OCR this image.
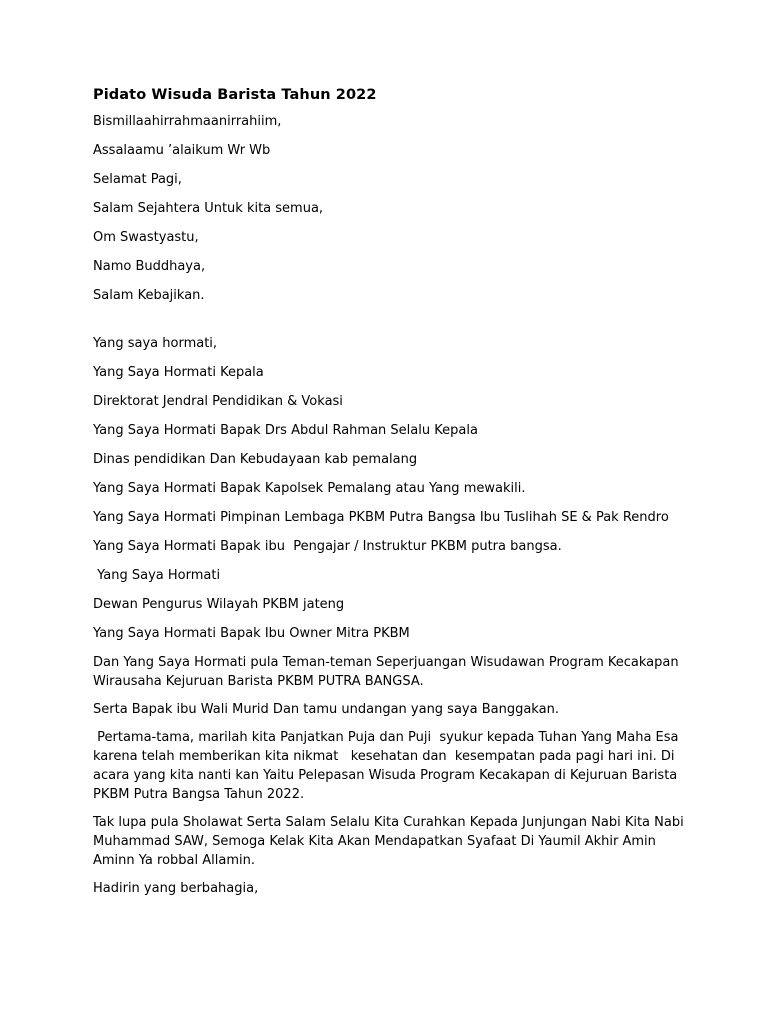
Pidato Wisuda Barista Tahun 2022
Bismillaahirrahmaanirrahiim,
Assalaamu ’alaikum Wr Wb
Selamat Pagi,
Salam Sejahtera Untuk kita semua,
Om Swastyastu,
Namo Buddhaya,
Salam Kebajikan.
Yang saya hormati,
Yang Saya Hormati Kepala
Direktorat Jendral Pendidikan & Vokasi
Yang Saya Hormati Bapak Drs Abdul Rahman Selalu Kepala
Dinas pendidikan Dan Kebudayaan kab pemalang
Yang Saya Hormati Bapak Kapolsek Pemalang atau Yang mewakili.
Yang Saya Hormati Pimpinan Lembaga PKBM Putra Bangsa Ibu Tuslihah SE & Pak Rendro
Yang Saya Hormati Bapak ibu  Pengajar / Instruktur PKBM putra bangsa.
Yang Saya Hormati
Dewan Pengurus Wilayah PKBM jateng
Yang Saya Hormati Bapak Ibu Owner Mitra PKBM
Dan Yang Saya Hormati pula Teman-teman Seperjuangan Wisudawan Program Kecakapan
Wirausaha Kejuruan Barista PKBM PUTRA BANGSA.
Serta Bapak ibu Wali Murid Dan tamu undangan yang saya Banggakan.
Pertama-tama, marilah kita Panjatkan Puja dan Puji  syukur kepada Tuhan Yang Maha Esa
karena telah memberikan kita nikmat   kesehatan dan  kesempatan pada pagi hari ini. Di
acara yang kita nanti kan Yaitu Pelepasan Wisuda Program Kecakapan di Kejuruan Barista
PKBM Putra Bangsa Tahun 2022.
Tak lupa pula Sholawat Serta Salam Selalu Kita Curahkan Kepada Junjungan Nabi Kita Nabi
Muhammad SAW, Semoga Kelak Kita Akan Mendapatkan Syafaat Di Yaumil Akhir Amin
Aminn Ya robbal Allamin.
Hadirin yang berbahagia,
